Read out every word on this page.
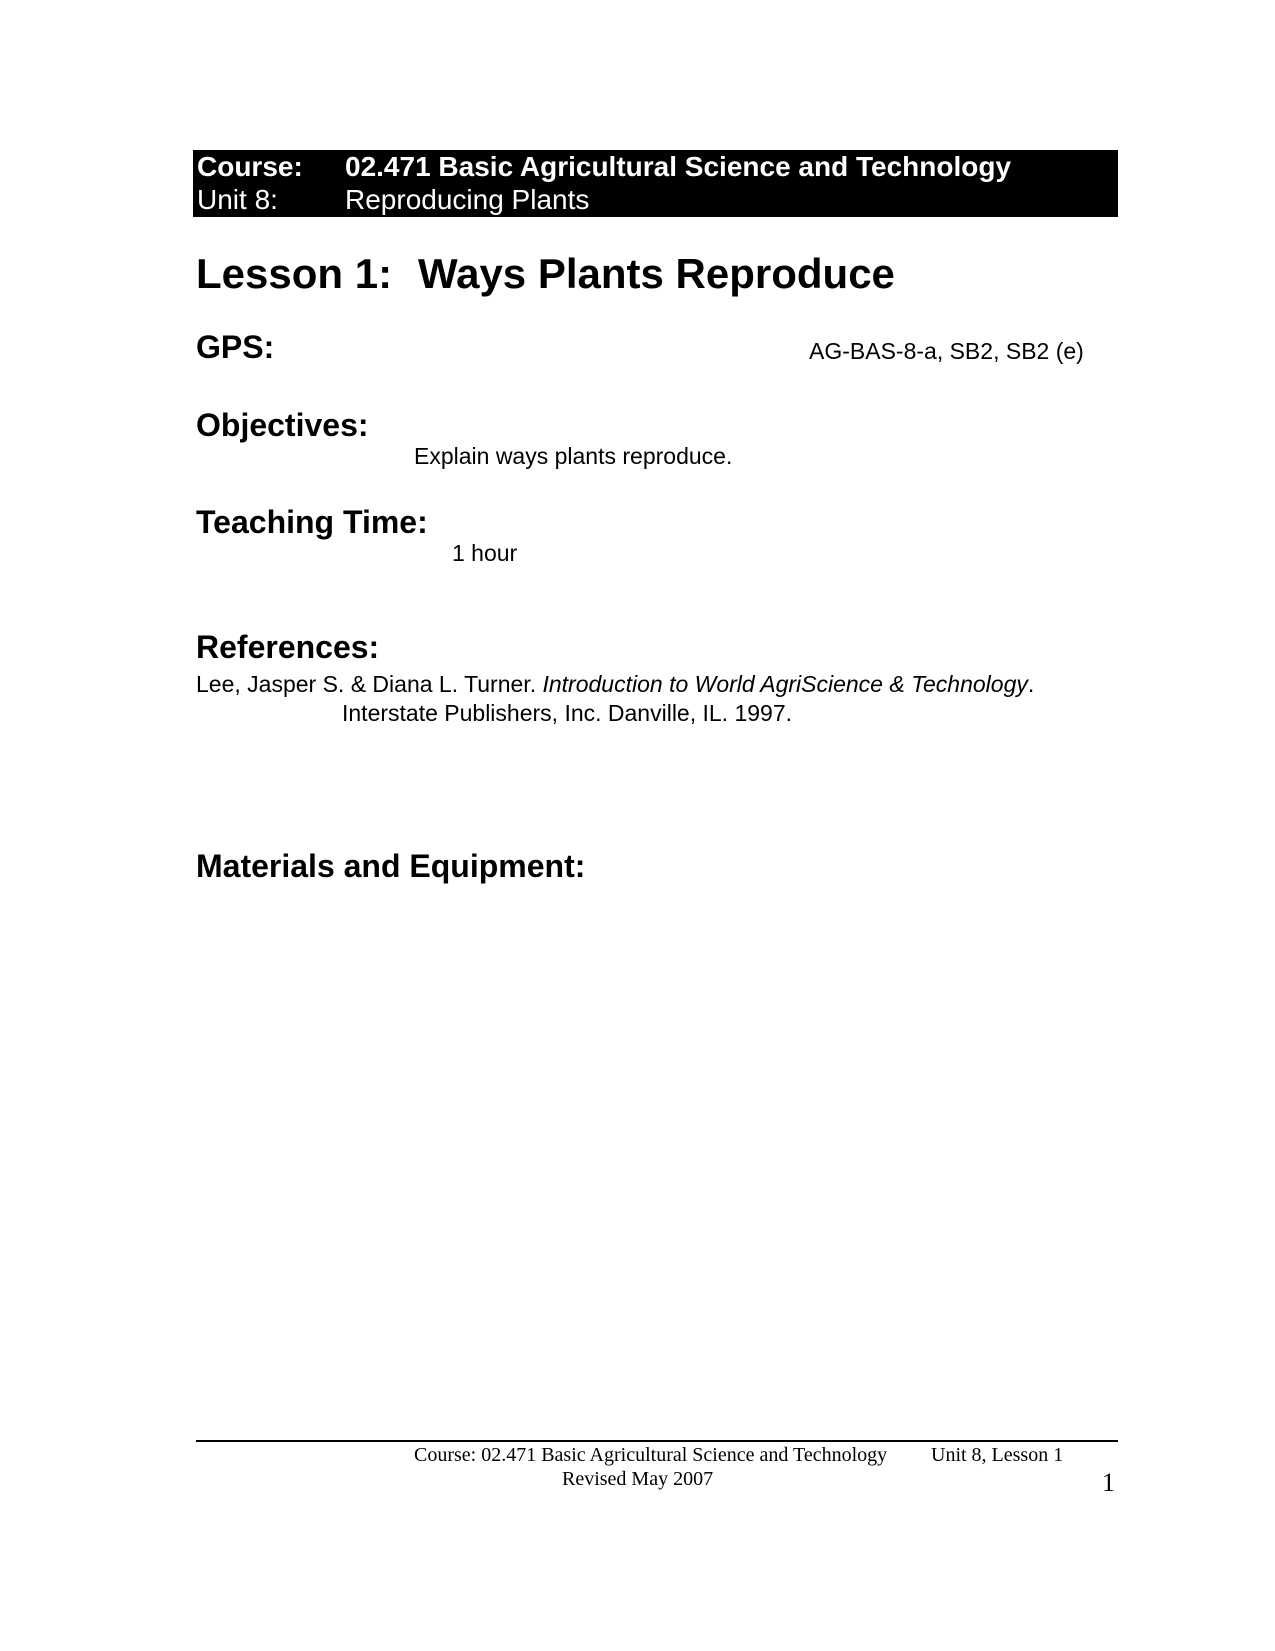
Course: 02.471 Basic Agricultural Science and Technology
Unit 8: Reproducing Plants
Lesson 1: Ways Plants Reproduce
GPS:	AG-BAS-8-a, SB2, SB2 (e)
Objectives:
Explain ways plants reproduce.
Teaching Time:
1 hour
References:
Lee, Jasper S. & Diana L. Turner. Introduction to World AgriScience & Technology.
Interstate Publishers, Inc. Danville, IL. 1997.
Materials and Equipment:
Course: 02.471 Basic Agricultural Science and Technology Unit 8, Lesson 1
Revised May 2007	1
